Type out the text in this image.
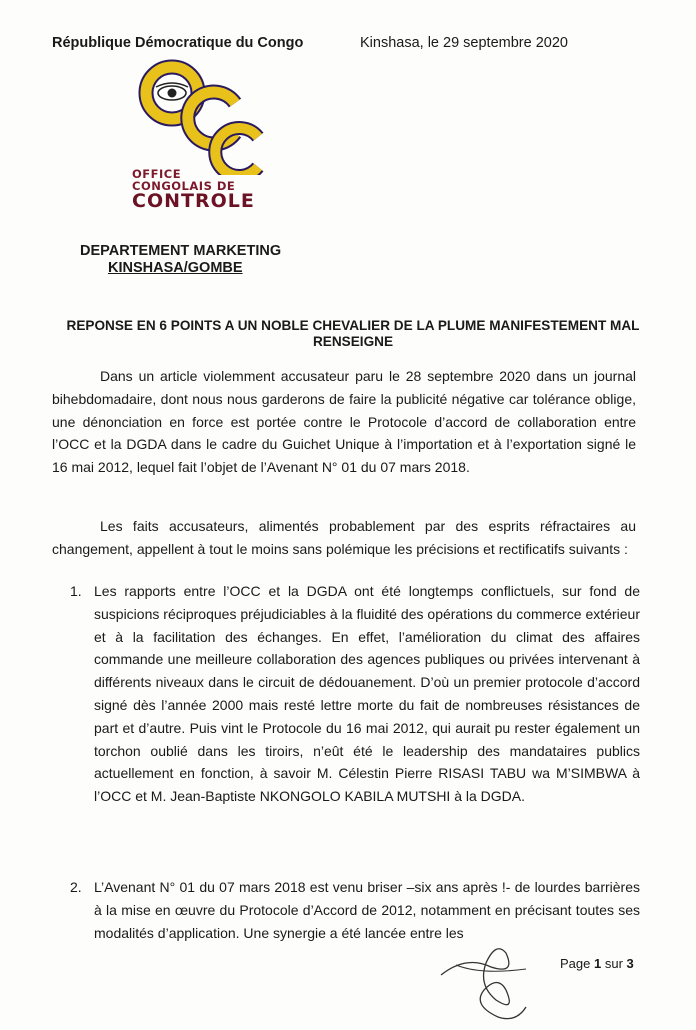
République Démocratique du Congo	Kinshasa, le 29 septembre 2020
OFFICE
CONGOLAIS DE
CONTROLE
DEPARTEMENT MARKETING
KINSHASA/GOMBE
REPONSE EN 6 POINTS A UN NOBLE CHEVALIER DE LA PLUME MANIFESTEMENT MAL RENSEIGNE

Dans un article violemment accusateur paru le 28 septembre 2020 dans un journal bihebdomadaire, dont nous nous garderons de faire la publicité négative car tolérance oblige, une dénonciation en force est portée contre le Protocole d’accord de collaboration entre l’OCC et la DGDA dans le cadre du Guichet Unique à l’importation et à l’exportation signé le 16 mai 2012, lequel fait l’objet de l’Avenant N° 01 du 07 mars 2018.

Les faits accusateurs, alimentés probablement par des esprits réfractaires au changement, appellent à tout le moins sans polémique les précisions et rectificatifs suivants :

1. Les rapports entre l’OCC et la DGDA ont été longtemps conflictuels, sur fond de suspicions réciproques préjudiciables à la fluidité des opérations du commerce extérieur et à la facilitation des échanges. En effet, l’amélioration du climat des affaires commande une meilleure collaboration des agences publiques ou privées intervenant à différents niveaux dans le circuit de dédouanement. D’où un premier protocole d’accord signé dès l’année 2000 mais resté lettre morte du fait de nombreuses résistances de part et d’autre. Puis vint le Protocole du 16 mai 2012, qui aurait pu rester également un torchon oublié dans les tiroirs, n’eût été le leadership des mandataires publics actuellement en fonction, à savoir M. Célestin Pierre RISASI TABU wa M’SIMBWA à l’OCC et M. Jean-Baptiste NKONGOLO KABILA MUTSHI à la DGDA.

2. L’Avenant N° 01 du 07 mars 2018 est venu briser –six ans après !- de lourdes barrières à la mise en œuvre du Protocole d’Accord de 2012, notamment en précisant toutes ses modalités d’application. Une synergie a été lancée entre les

Page 1 sur 3
